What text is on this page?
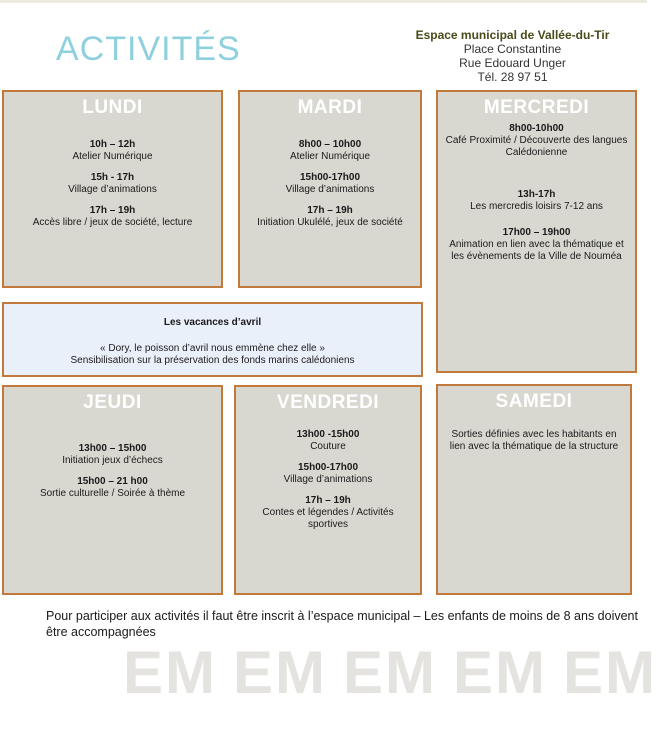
ACTIVITÉS	Espace municipal de Vallée-du-Tir
Place Constantine
Rue Edouard Unger
Tél. 28 97 51
LUNDI
10h – 12h
Atelier Numérique
15h - 17h
Village d’animations
17h – 19h
Accès libre / jeux de société, lecture
MARDI
8h00 – 10h00
Atelier Numérique
15h00-17h00
Village d’animations
17h – 19h
Initiation Ukulélé, jeux de société
MERCREDI
8h00-10h00
Café Proximité / Découverte des langues Calédonienne
13h-17h
Les mercredis loisirs 7-12 ans
17h00 – 19h00
Animation en lien avec la thématique et les évènements de la Ville de Nouméa
Les vacances d’avril
« Dory, le poisson d’avril nous emmène chez elle »
Sensibilisation sur la préservation des fonds marins calédoniens
JEUDI
13h00 – 15h00
Initiation jeux d’échecs
15h00 – 21 h00
Sortie culturelle / Soirée à thème
VENDREDI
13h00 -15h00
Couture
15h00-17h00
Village d’animations
17h – 19h
Contes et légendes / Activités sportives
SAMEDI
Sorties définies avec les habitants en lien avec la thématique de la structure
Pour participer aux activités il faut être inscrit à l’espace municipal – Les enfants de moins de 8 ans doivent être accompagnées
EM EM EM EM EM
